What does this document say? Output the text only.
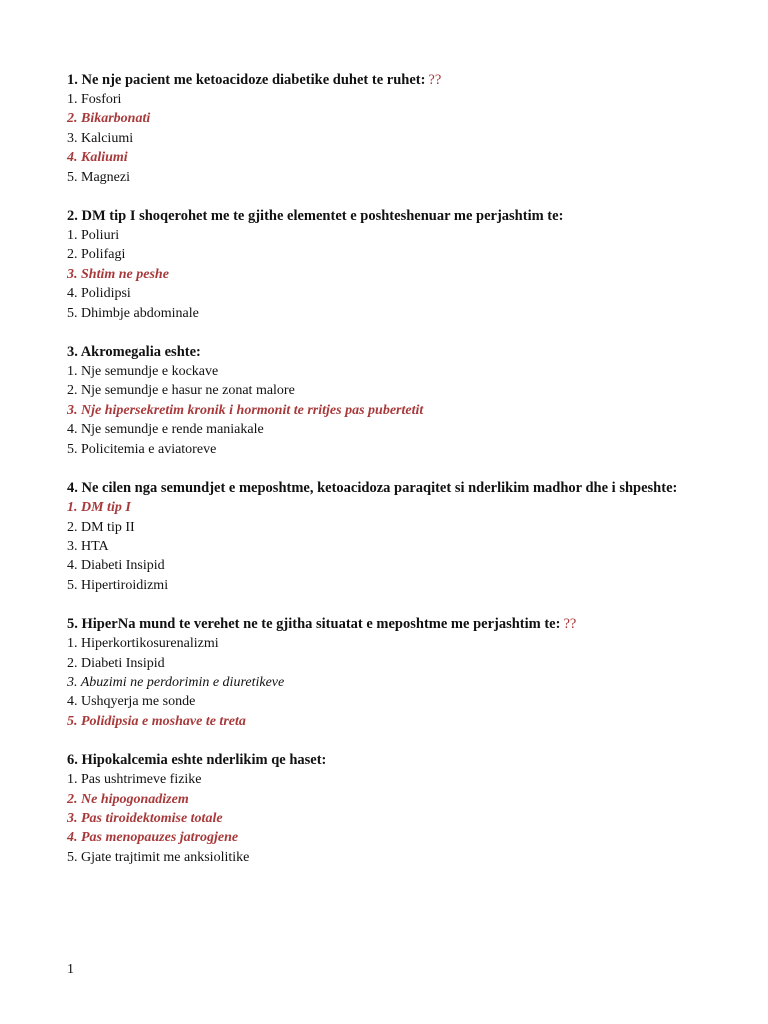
1. Ne nje pacient me ketoacidoze diabetike duhet te ruhet: ??

1. Fosfori

2. Bikarbonati

3. Kalciumi

4. Kaliumi

5. Magnezi

2. DM tip I shoqerohet me te gjithe elementet e poshteshenuar me perjashtim te:

1. Poliuri

2. Polifagi

3. Shtim ne peshe

4. Polidipsi

5. Dhimbje abdominale

3. Akromegalia eshte:

1. Nje semundje e kockave

2. Nje semundje e hasur ne zonat malore

3. Nje hipersekretim kronik i hormonit te rritjes pas pubertetit

4. Nje semundje e rende maniakale

5. Policitemia e aviatoreve

4. Ne cilen nga semundjet e meposhtme, ketoacidoza paraqitet si nderlikim madhor dhe i shpeshte:

1. DM tip I

2. DM tip II

3. HTA

4. Diabeti Insipid

5. Hipertiroidizmi

5. HiperNa mund te verehet ne te gjitha situatat e meposhtme me perjashtim te: ??

1. Hiperkortikosurenalizmi

2. Diabeti Insipid

3. Abuzimi ne perdorimin e diuretikeve

4. Ushqyerja me sonde

5. Polidipsia e moshave te treta

6. Hipokalcemia eshte nderlikim qe haset:

1. Pas ushtrimeve fizike

2. Ne hipogonadizem

3. Pas tiroidektomise totale

4. Pas menopauzes jatrogjene

5. Gjate trajtimit me anksiolitike

1
